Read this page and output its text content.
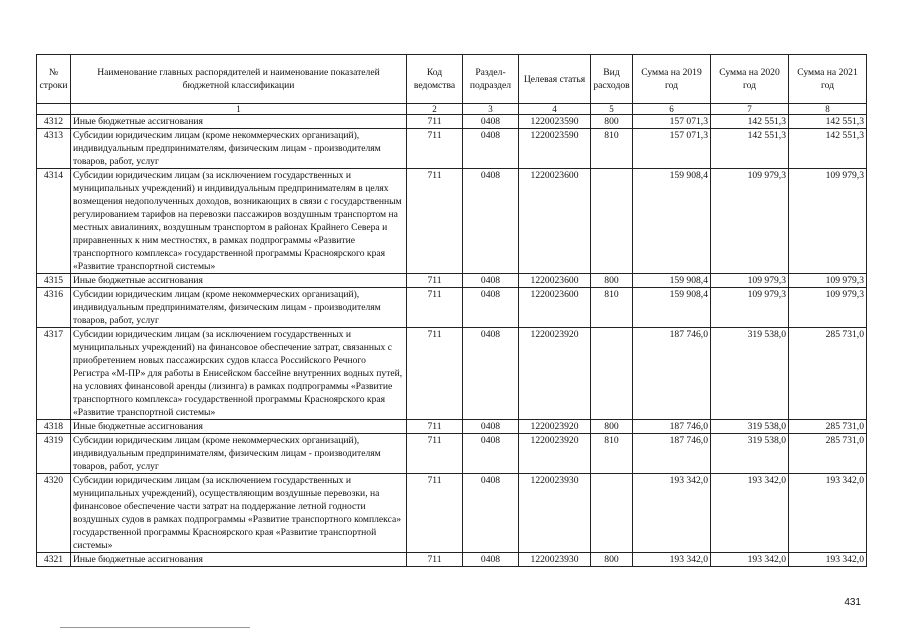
№ строки	Наименование главных распорядителей и наименование показателей бюджетной классификации	Код ведомства	Раздел-подраздел	Целевая статья	Вид расходов	Сумма на 2019 год	Сумма на 2020 год	Сумма на 2021 год
	1	2	3	4	5	6	7	8
4312	Иные бюджетные ассигнования	711	0408	1220023590	800	157 071,3	142 551,3	142 551,3
4313	Субсидии юридическим лицам (кроме некоммерческих организаций), индивидуальным предпринимателям, физическим лицам - производителям товаров, работ, услуг	711	0408	1220023590	810	157 071,3	142 551,3	142 551,3
4314	Субсидии юридическим лицам (за исключением государственных и муниципальных учреждений) и индивидуальным предпринимателям в целях возмещения недополученных доходов, возникающих в связи с государственным регулированием тарифов на перевозки пассажиров воздушным транспортом на местных авиалиниях, воздушным транспортом в районах Крайнего Севера и приравненных к ним местностях, в рамках подпрограммы «Развитие транспортного комплекса» государственной программы Красноярского края «Развитие транспортной системы»	711	0408	1220023600		159 908,4	109 979,3	109 979,3
4315	Иные бюджетные ассигнования	711	0408	1220023600	800	159 908,4	109 979,3	109 979,3
4316	Субсидии юридическим лицам (кроме некоммерческих организаций), индивидуальным предпринимателям, физическим лицам - производителям товаров, работ, услуг	711	0408	1220023600	810	159 908,4	109 979,3	109 979,3
4317	Субсидии юридическим лицам (за исключением государственных и муниципальных учреждений) на финансовое обеспечение затрат, связанных с приобретением новых пассажирских судов класса Российского Речного Регистра «М-ПР» для работы в Енисейском бассейне внутренних водных путей, на условиях финансовой аренды (лизинга) в рамках подпрограммы «Развитие транспортного комплекса» государственной программы Красноярского края «Развитие транспортной системы»	711	0408	1220023920		187 746,0	319 538,0	285 731,0
4318	Иные бюджетные ассигнования	711	0408	1220023920	800	187 746,0	319 538,0	285 731,0
4319	Субсидии юридическим лицам (кроме некоммерческих организаций), индивидуальным предпринимателям, физическим лицам - производителям товаров, работ, услуг	711	0408	1220023920	810	187 746,0	319 538,0	285 731,0
4320	Субсидии юридическим лицам (за исключением государственных и муниципальных учреждений), осуществляющим воздушные перевозки, на финансовое обеспечение части затрат на поддержание летной годности воздушных судов в рамках подпрограммы «Развитие транспортного комплекса» государственной программы Красноярского края «Развитие транспортной системы»	711	0408	1220023930		193 342,0	193 342,0	193 342,0
4321	Иные бюджетные ассигнования	711	0408	1220023930	800	193 342,0	193 342,0	193 342,0
431
